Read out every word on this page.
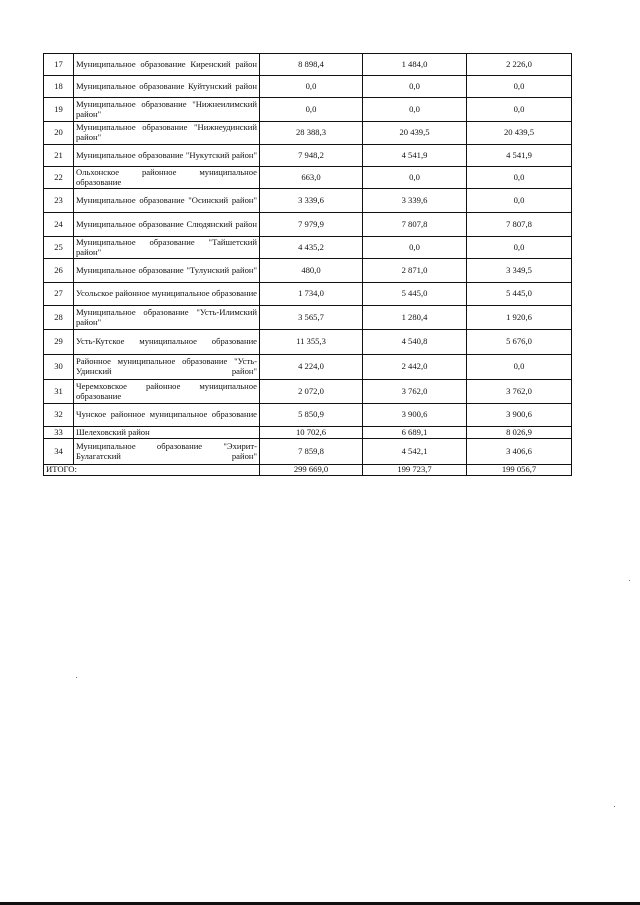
17	Муниципальное образование Киренский район	8 898,4	1 484,0	2 226,0
18	Муниципальное образование Куйтунский район	0,0	0,0	0,0
19	Муниципальное образование "Нижнеилимский район"	0,0	0,0	0,0
20	Муниципальное образование "Нижнеудинский район"	28 388,3	20 439,5	20 439,5
21	Муниципальное образование "Нукутский район"	7 948,2	4 541,9	4 541,9
22	Ольхонское районное муниципальное образование	663,0	0,0	0,0
23	Муниципальное образование "Осинский район"	3 339,6	3 339,6	0,0
24	Муниципальное образование Слюдянский район	7 979,9	7 807,8	7 807,8
25	Муниципальное образование "Тайшетский район"	4 435,2	0,0	0,0
26	Муниципальное образование "Тулунский район"	480,0	2 871,0	3 349,5
27	Усольское районное муниципальное образование	1 734,0	5 445,0	5 445,0
28	Муниципальное образование "Усть-Илимский район"	3 565,7	1 280,4	1 920,6
29	Усть-Кутское муниципальное образование	11 355,3	4 540,8	5 676,0
30	Районное муниципальное образование "Усть-Удинский район"	4 224,0	2 442,0	0,0
31	Черемховское районное муниципальное образование	2 072,0	3 762,0	3 762,0
32	Чунское районное муниципальное образование	5 850,9	3 900,6	3 900,6
33	Шелеховский район	10 702,6	6 689,1	8 026,9
34	Муниципальное образование "Эхирит-Булагатский район"	7 859,8	4 542,1	3 406,6
ИТОГО:		299 669,0	199 723,7	199 056,7
